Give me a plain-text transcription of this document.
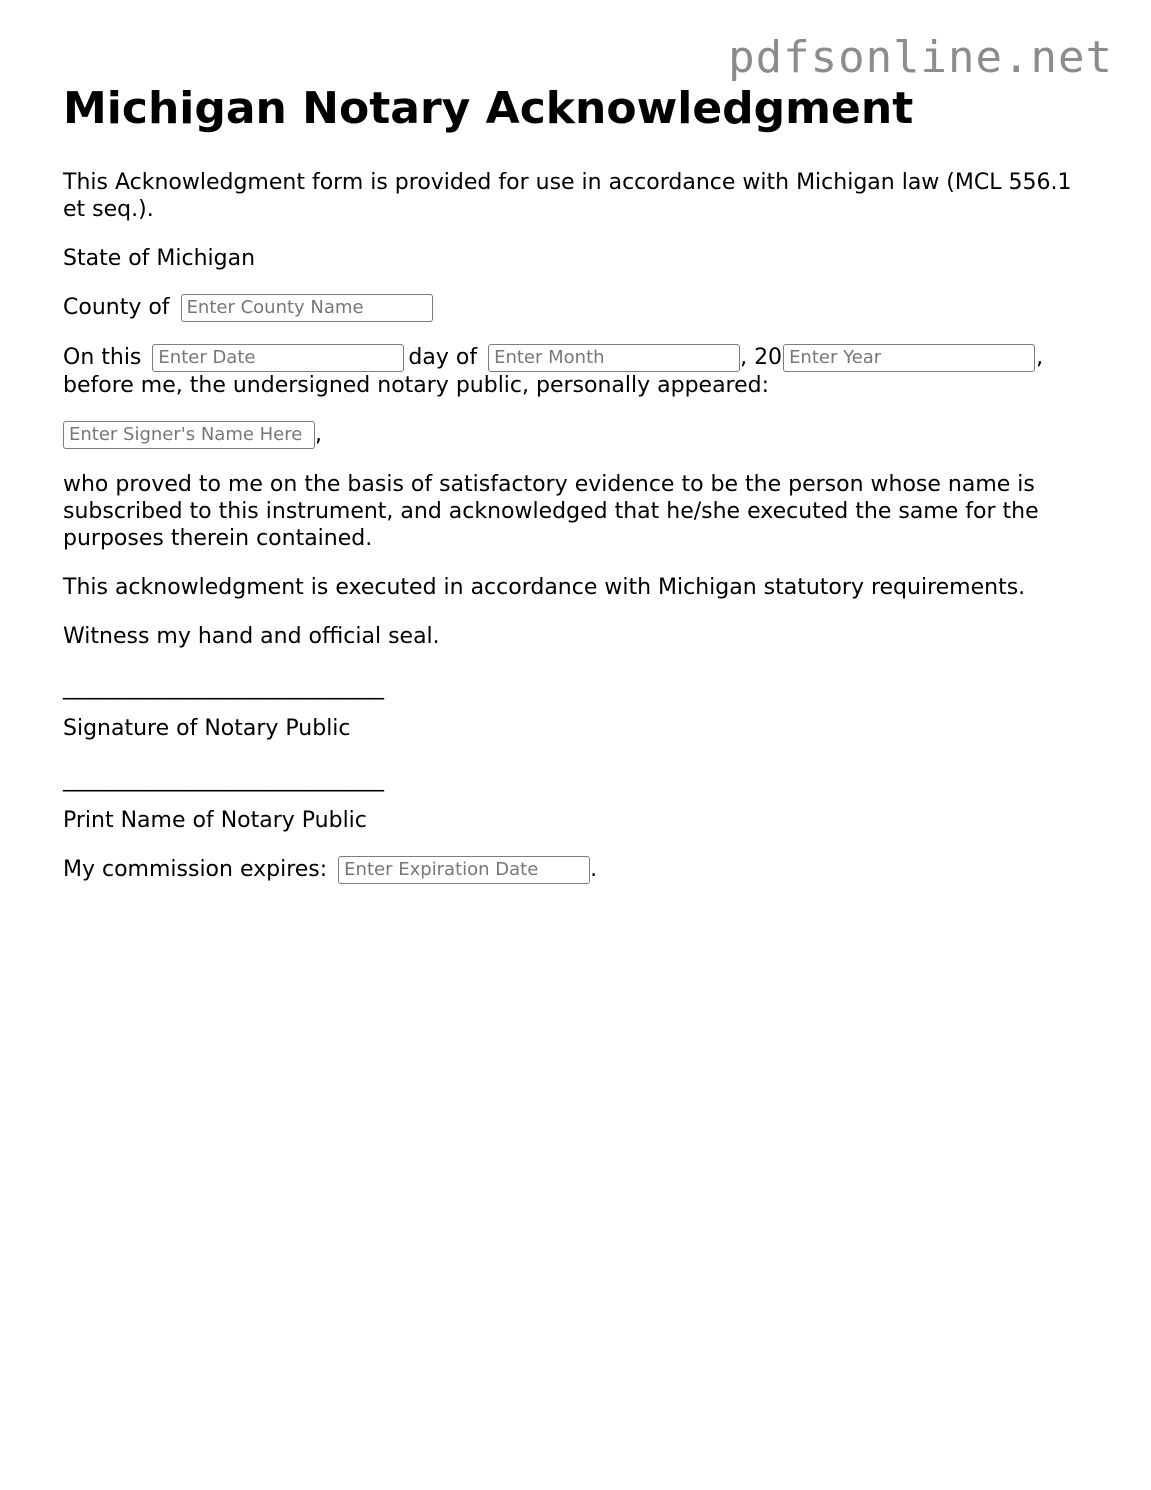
pdfsonline.net
Michigan Notary Acknowledgment

This Acknowledgment form is provided for use in accordance with Michigan law (MCL 556.1 et seq.).

State of Michigan

County of Enter County Name

On this Enter Date	day of Enter Month	, 20Enter Year	,
before me, the undersigned notary public, personally appeared:

Enter Signer's Name Here,

who proved to me on the basis of satisfactory evidence to be the person whose name is subscribed to this instrument, and acknowledged that he/she executed the same for the purposes therein contained.

This acknowledgment is executed in accordance with Michigan statutory requirements.

Witness my hand and official seal.

________________________________

Signature of Notary Public

________________________________

Print Name of Notary Public

My commission expires: Enter Expiration Date	.
